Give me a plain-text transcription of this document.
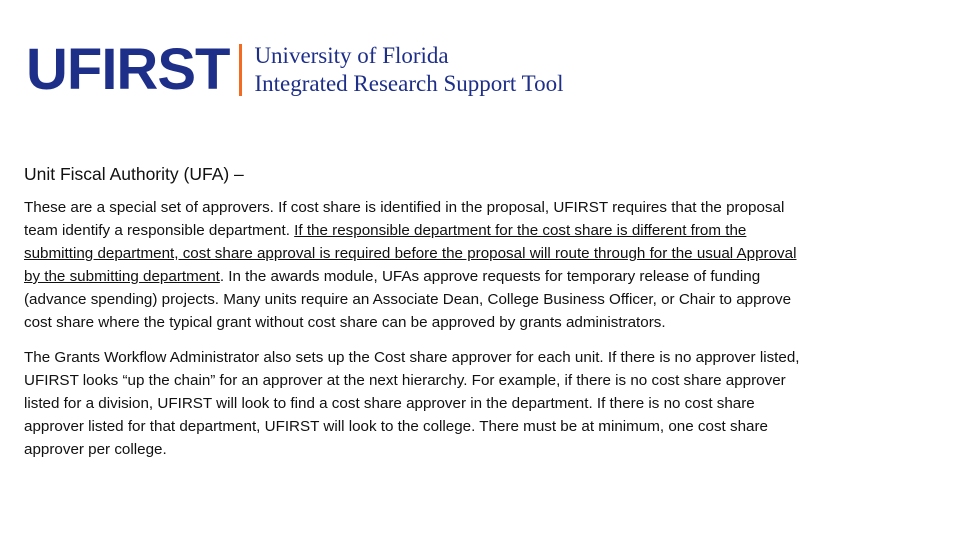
UFIRST University of Florida
Integrated Research Support Tool
Unit Fiscal Authority (UFA) –

These are a special set of approvers. If cost share is identified in the proposal, UFIRST requires that the proposal team identify a responsible department. If the responsible department for the cost share is different from the submitting department, cost share approval is required before the proposal will route through for the usual Approval by the submitting department. In the awards module, UFAs approve requests for temporary release of funding (advance spending) projects. Many units require an Associate Dean, College Business Officer, or Chair to approve cost share where the typical grant without cost share can be approved by grants administrators.

The Grants Workflow Administrator also sets up the Cost share approver for each unit. If there is no approver listed, UFIRST looks “up the chain” for an approver at the next hierarchy. For example, if there is no cost share approver listed for a division, UFIRST will look to find a cost share approver in the department. If there is no cost share approver listed for that department, UFIRST will look to the college. There must be at minimum, one cost share approver per college.
